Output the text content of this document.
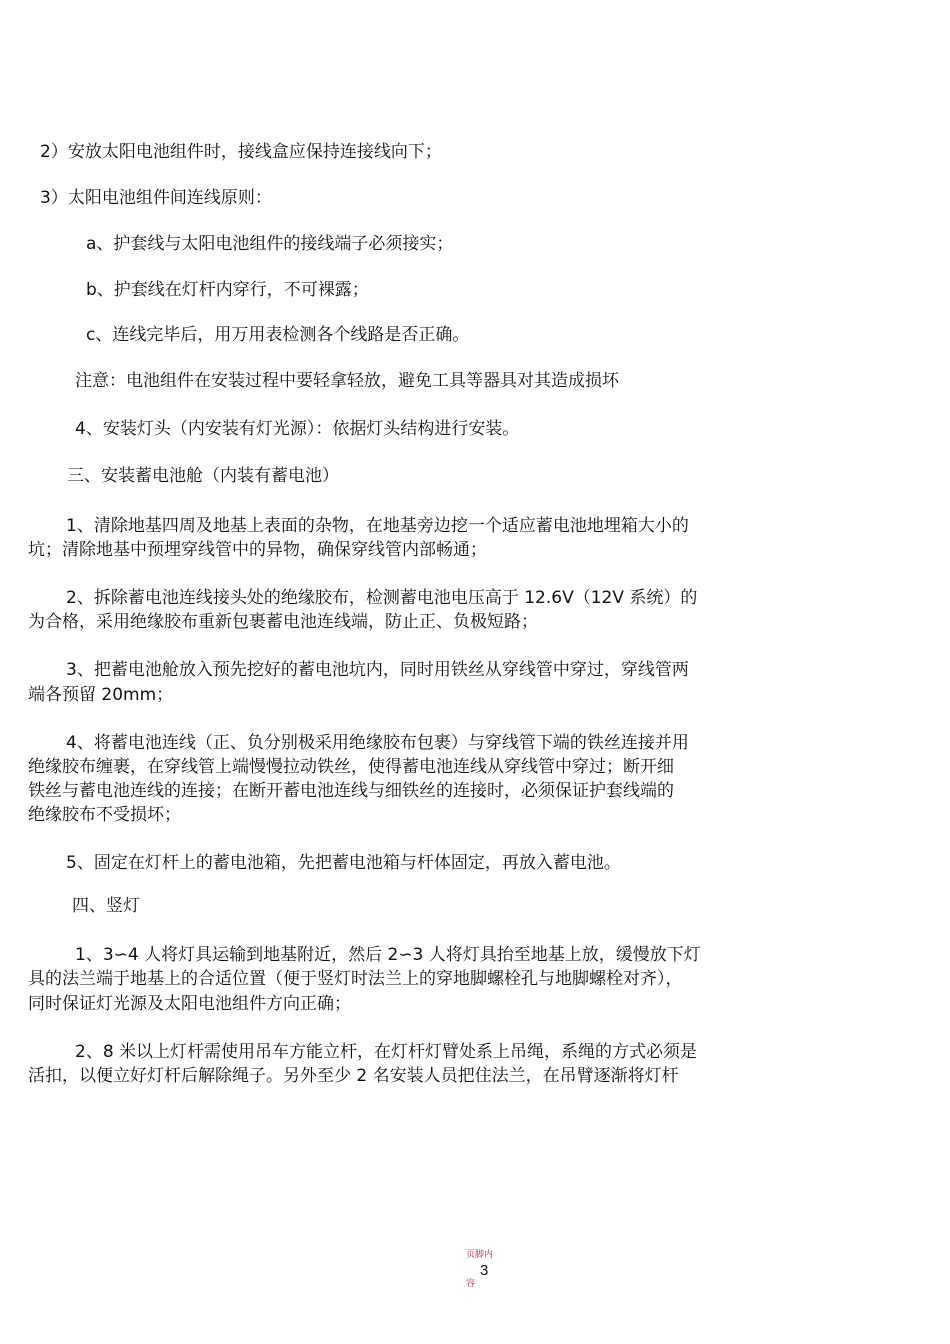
2）安放太阳电池组件时，接线盒应保持连接线向下；
3）太阳电池组件间连线原则：
a、护套线与太阳电池组件的接线端子必须接实；
b、护套线在灯杆内穿行，不可裸露；
c、连线完毕后，用万用表检测各个线路是否正确。
注意：电池组件在安装过程中要轻拿轻放，避免工具等器具对其造成损坏
4、安装灯头（内安装有灯光源）：依据灯头结构进行安装。
三、安装蓄电池舱（内装有蓄电池）
1、清除地基四周及地基上表面的杂物，在地基旁边挖一个适应蓄电池地埋箱大小的
坑；清除地基中预埋穿线管中的异物，确保穿线管内部畅通；
2、拆除蓄电池连线接头处的绝缘胶布，检测蓄电池电压高于 12.6V（12V 系统）的
为合格，采用绝缘胶布重新包裹蓄电池连线端，防止正、负极短路；
3、把蓄电池舱放入预先挖好的蓄电池坑内，同时用铁丝从穿线管中穿过，穿线管两
端各预留 20mm；
4、将蓄电池连线（正、负分别极采用绝缘胶布包裹）与穿线管下端的铁丝连接并用
绝缘胶布缠裹，在穿线管上端慢慢拉动铁丝，使得蓄电池连线从穿线管中穿过；断开细
铁丝与蓄电池连线的连接；在断开蓄电池连线与细铁丝的连接时，必须保证护套线端的
绝缘胶布不受损坏；
5、固定在灯杆上的蓄电池箱，先把蓄电池箱与杆体固定，再放入蓄电池。
四、竖灯
1、3∽4 人将灯具运输到地基附近，然后 2∽3 人将灯具抬至地基上放，缓慢放下灯
具的法兰端于地基上的合适位置（便于竖灯时法兰上的穿地脚螺栓孔与地脚螺栓对齐），
同时保证灯光源及太阳电池组件方向正确；
2、8 米以上灯杆需使用吊车方能立杆，在灯杆灯臂处系上吊绳，系绳的方式必须是
活扣，以便立好灯杆后解除绳子。另外至少 2 名安装人员把住法兰，在吊臂逐渐将灯杆
页脚内
3
容
